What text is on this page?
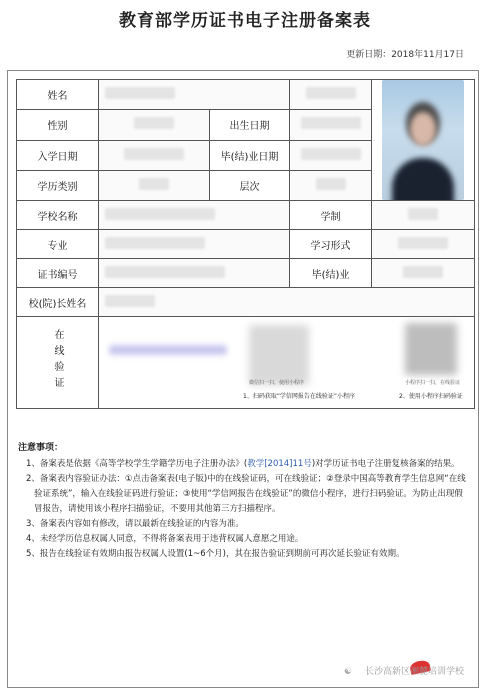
教育部学历证书电子注册备案表
更新日期：2018年11月17日
姓名				

性别		出生日期		
入学日期		毕(结)业日期		
学历类别		层次		
学校名称			学制	
专业			学习形式	
证书编号			毕(结)业	
校(院)长姓名				
在线验证	微信扫一扫，使用小程序
1、扫码获取“学信网报告在线验证”小程序
小程序扫一扫，在线验证
2、使用小程序扫码验证			
注意事项：
1、备案表是依据《高等学校学生学籍学历电子注册办法》(教学[2014]11号)对学历证书电子注册复核备案的结果。
2、备案表内容验证办法：①点击备案表(电子版)中的在线验证码，可在线验证；②登录中国高等教育学生信息网“在线验证系统”，输入在线验证码进行验证；③使用“学信网报告在线验证”的微信小程序，进行扫码验证。为防止出现假冒报告，请使用该小程序扫描验证，不要用其他第三方扫描程序。
3、备案表内容如有修改，请以最新在线验证的内容为准。
4、未经学历信息权属人同意，不得将备案表用于违背权属人意愿之用途。
5、报告在线验证有效期由报告权属人设置(1~6个月)，其在报告验证到期前可再次延长验证有效期。
☯ 长沙高新区湘麓培训学校
